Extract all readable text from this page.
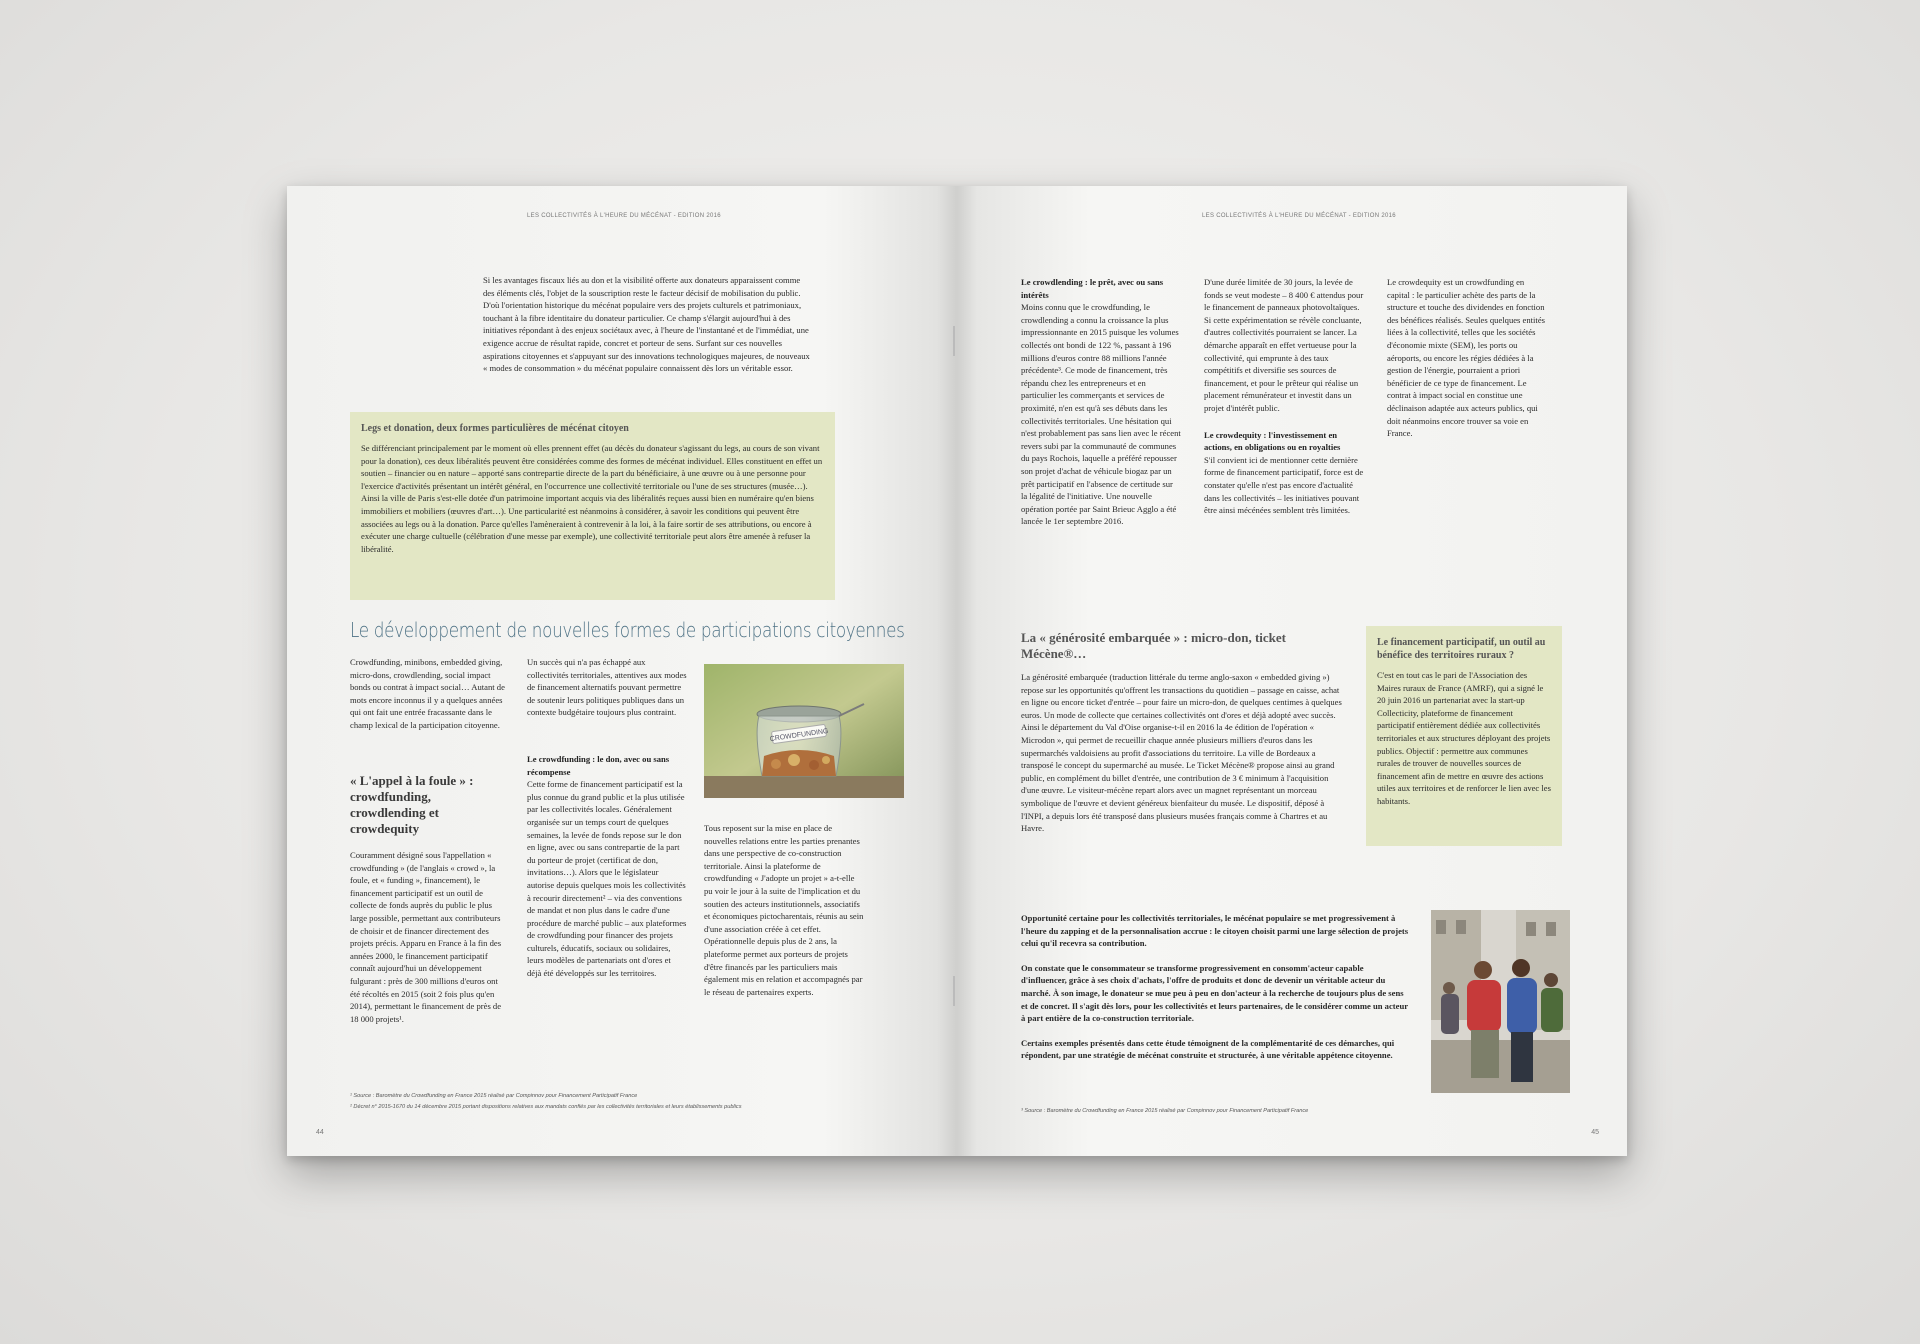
LES COLLECTIVITÉS À L'HEURE DU MÉCÉNAT - EDITION 2016

Si les avantages fiscaux liés au don et la visibilité offerte aux donateurs apparaissent comme des éléments clés, l'objet de la souscription reste le facteur décisif de mobilisation du public. D'où l'orientation historique du mécénat populaire vers des projets culturels et patrimoniaux, touchant à la fibre identitaire du donateur particulier. Ce champ s'élargit aujourd'hui à des initiatives répondant à des enjeux sociétaux avec, à l'heure de l'instantané et de l'immédiat, une exigence accrue de résultat rapide, concret et porteur de sens. Surfant sur ces nouvelles aspirations citoyennes et s'appuyant sur des innovations technologiques majeures, de nouveaux « modes de consommation » du mécénat populaire connaissent dès lors un véritable essor.

Legs et donation, deux formes particulières de mécénat citoyen

Se différenciant principalement par le moment où elles prennent effet (au décès du donateur s'agissant du legs, au cours de son vivant pour la donation), ces deux libéralités peuvent être considérées comme des formes de mécénat individuel. Elles constituent en effet un soutien – financier ou en nature – apporté sans contrepartie directe de la part du bénéficiaire, à une œuvre ou à une personne pour l'exercice d'activités présentant un intérêt général, en l'occurrence une collectivité territoriale ou l'une de ses structures (musée…). Ainsi la ville de Paris s'est-elle dotée d'un patrimoine important acquis via des libéralités reçues aussi bien en numéraire qu'en biens immobiliers et mobiliers (œuvres d'art…). Une particularité est néanmoins à considérer, à savoir les conditions qui peuvent être associées au legs ou à la donation. Parce qu'elles l'amèneraient à contrevenir à la loi, à la faire sortir de ses attributions, ou encore à exécuter une charge cultuelle (célébration d'une messe par exemple), une collectivité territoriale peut alors être amenée à refuser la libéralité.

Le développement de nouvelles formes de participations citoyennes

Crowdfunding, minibons, embedded giving, micro-dons, crowdlending, social impact bonds ou contrat à impact social… Autant de mots encore inconnus il y a quelques années qui ont fait une entrée fracassante dans le champ lexical de la participation citoyenne.

« L'appel à la foule » : crowdfunding, crowdlending et crowdequity

Couramment désigné sous l'appellation « crowdfunding » (de l'anglais « crowd », la foule, et « funding », financement), le financement participatif est un outil de collecte de fonds auprès du public le plus large possible, permettant aux contributeurs de choisir et de financer directement des projets précis. Apparu en France à la fin des années 2000, le financement participatif connaît aujourd'hui un développement fulgurant : près de 300 millions d'euros ont été récoltés en 2015 (soit 2 fois plus qu'en 2014), permettant le financement de près de 18 000 projets¹.

Un succès qui n'a pas échappé aux collectivités territoriales, attentives aux modes de financement alternatifs pouvant permettre de soutenir leurs politiques publiques dans un contexte budgétaire toujours plus contraint.

Le crowdfunding : le don, avec ou sans récompense

Cette forme de financement participatif est la plus connue du grand public et la plus utilisée par les collectivités locales. Généralement organisée sur un temps court de quelques semaines, la levée de fonds repose sur le don en ligne, avec ou sans contrepartie de la part du porteur de projet (certificat de don, invitations…). Alors que le législateur autorise depuis quelques mois les collectivités à recourir directement² – via des conventions de mandat et non plus dans le cadre d'une procédure de marché public – aux plateformes de crowdfunding pour financer des projets culturels, éducatifs, sociaux ou solidaires, leurs modèles de partenariats ont d'ores et déjà été développés sur les territoires.

CROWDFUNDING

Tous reposent sur la mise en place de nouvelles relations entre les parties prenantes dans une perspective de co-construction territoriale. Ainsi la plateforme de crowdfunding « J'adopte un projet » a-t-elle pu voir le jour à la suite de l'implication et du soutien des acteurs institutionnels, associatifs et économiques pictocharentais, réunis au sein d'une association créée à cet effet. Opérationnelle depuis plus de 2 ans, la plateforme permet aux porteurs de projets d'être financés par les particuliers mais également mis en relation et accompagnés par le réseau de partenaires experts.

¹ Source : Baromètre du Crowdfunding en France 2015 réalisé par Compinnov pour Financement Participatif France
² Décret n° 2015-1670 du 14 décembre 2015 portant dispositions relatives aux mandats confiés par les collectivités territoriales et leurs établissements publics
44
LES COLLECTIVITÉS À L'HEURE DU MÉCÉNAT - EDITION 2016

Le crowdlending : le prêt, avec ou sans intérêts

Moins connu que le crowdfunding, le crowdlending a connu la croissance la plus impressionnante en 2015 puisque les volumes collectés ont bondi de 122 %, passant à 196 millions d'euros contre 88 millions l'année précédente³. Ce mode de financement, très répandu chez les entrepreneurs et en particulier les commerçants et services de proximité, n'en est qu'à ses débuts dans les collectivités territoriales. Une hésitation qui n'est probablement pas sans lien avec le récent revers subi par la communauté de communes du pays Rochois, laquelle a préféré repousser son projet d'achat de véhicule biogaz par un prêt participatif en l'absence de certitude sur la légalité de l'initiative. Une nouvelle opération portée par Saint Brieuc Agglo a été lancée le 1er septembre 2016.

D'une durée limitée de 30 jours, la levée de fonds se veut modeste – 8 400 € attendus pour le financement de panneaux photovoltaïques. Si cette expérimentation se révèle concluante, d'autres collectivités pourraient se lancer. La démarche apparaît en effet vertueuse pour la collectivité, qui emprunte à des taux compétitifs et diversifie ses sources de financement, et pour le prêteur qui réalise un placement rémunérateur et investit dans un projet d'intérêt public.

Le crowdequity : l'investissement en actions, en obligations ou en royalties

S'il convient ici de mentionner cette dernière forme de financement participatif, force est de constater qu'elle n'est pas encore d'actualité dans les collectivités – les initiatives pouvant être ainsi mécénées semblent très limitées.

Le crowdequity est un crowdfunding en capital : le particulier achète des parts de la structure et touche des dividendes en fonction des bénéfices réalisés. Seules quelques entités liées à la collectivité, telles que les sociétés d'économie mixte (SEM), les ports ou aéroports, ou encore les régies dédiées à la gestion de l'énergie, pourraient a priori bénéficier de ce type de financement. Le contrat à impact social en constitue une déclinaison adaptée aux acteurs publics, qui doit néanmoins encore trouver sa voie en France.

La « générosité embarquée » : micro-don, ticket Mécène®…

La générosité embarquée (traduction littérale du terme anglo-saxon « embedded giving ») repose sur les opportunités qu'offrent les transactions du quotidien – passage en caisse, achat en ligne ou encore ticket d'entrée – pour faire un micro-don, de quelques centimes à quelques euros. Un mode de collecte que certaines collectivités ont d'ores et déjà adopté avec succès. Ainsi le département du Val d'Oise organise-t-il en 2016 la 4e édition de l'opération « Microdon », qui permet de recueillir chaque année plusieurs milliers d'euros dans les supermarchés valdoisiens au profit d'associations du territoire. La ville de Bordeaux a transposé le concept du supermarché au musée. Le Ticket Mécène® propose ainsi au grand public, en complément du billet d'entrée, une contribution de 3 € minimum à l'acquisition d'une œuvre. Le visiteur-mécène repart alors avec un magnet représentant un morceau symbolique de l'œuvre et devient généreux bienfaiteur du musée. Le dispositif, déposé à l'INPI, a depuis lors été transposé dans plusieurs musées français comme à Chartres et au Havre.

Le financement participatif, un outil au bénéfice des territoires ruraux ?

C'est en tout cas le pari de l'Association des Maires ruraux de France (AMRF), qui a signé le 20 juin 2016 un partenariat avec la start-up Collecticity, plateforme de financement participatif entièrement dédiée aux collectivités territoriales et aux structures déployant des projets publics. Objectif : permettre aux communes rurales de trouver de nouvelles sources de financement afin de mettre en œuvre des actions utiles aux territoires et de renforcer le lien avec les habitants.

Opportunité certaine pour les collectivités territoriales, le mécénat populaire se met progressivement à l'heure du zapping et de la personnalisation accrue : le citoyen choisit parmi une large sélection de projets celui qu'il recevra sa contribution.

On constate que le consommateur se transforme progressivement en consomm'acteur capable d'influencer, grâce à ses choix d'achats, l'offre de produits et donc de devenir un véritable acteur du marché. À son image, le donateur se mue peu à peu en don'acteur à la recherche de toujours plus de sens et de concret. Il s'agit dès lors, pour les collectivités et leurs partenaires, de le considérer comme un acteur à part entière de la co-construction territoriale.

Certains exemples présentés dans cette étude témoignent de la complémentarité de ces démarches, qui répondent, par une stratégie de mécénat construite et structurée, à une véritable appétence citoyenne.

³ Source : Baromètre du Crowdfunding en France 2015 réalisé par Compinnov pour Financement Participatif France
45
